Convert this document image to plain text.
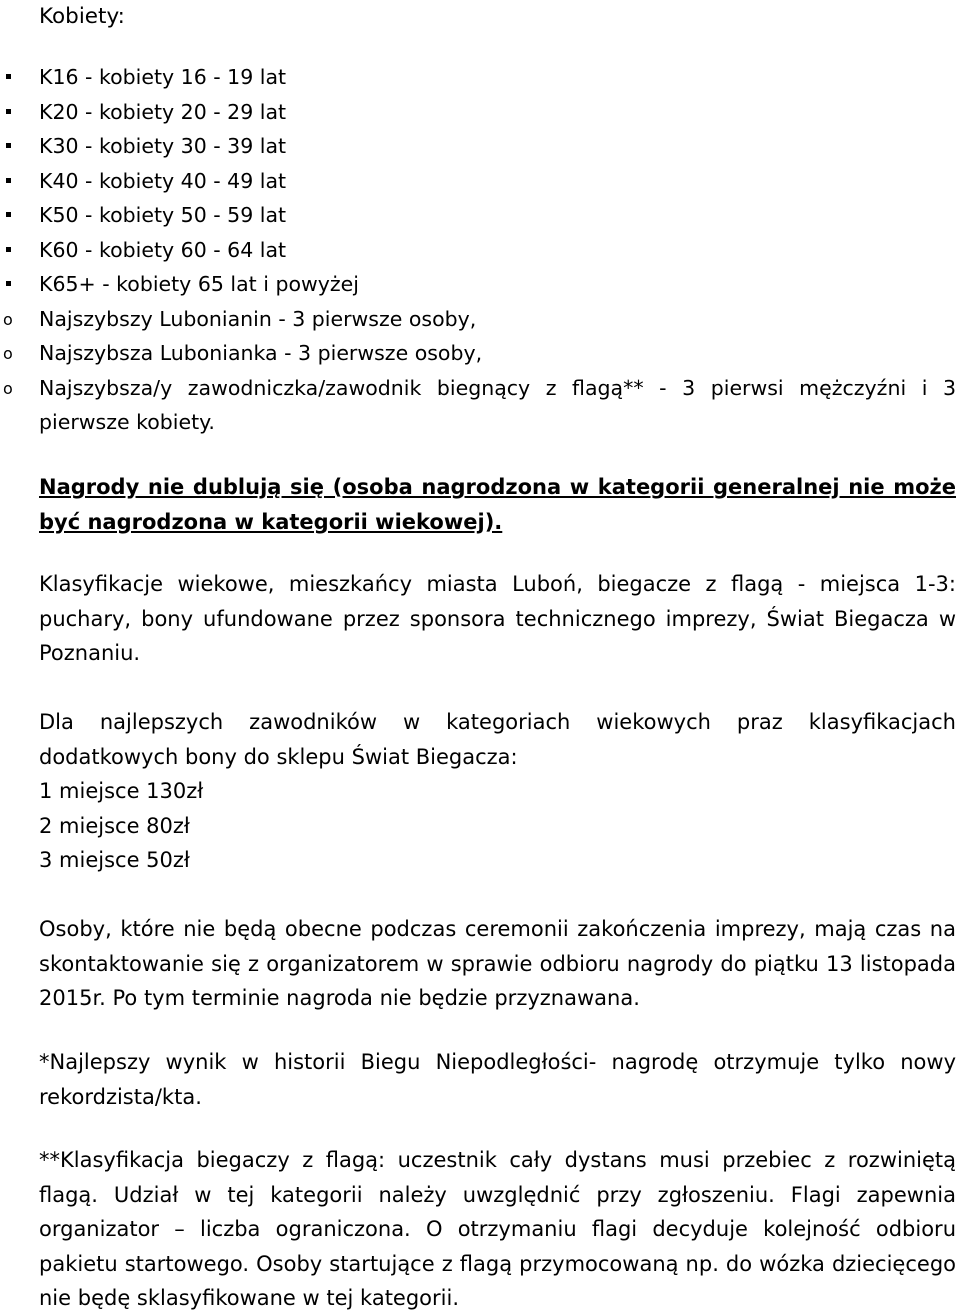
Kobiety:
K16 - kobiety 16 - 19 lat
K20 - kobiety 20 - 29 lat
K30 - kobiety 30 - 39 lat
K40 - kobiety 40 - 49 lat
K50 - kobiety 50 - 59 lat
K60 - kobiety 60 - 64 lat
K65+ - kobiety 65 lat i powyżej
o Najszybszy Lubonianin - 3 pierwsze osoby,
o Najszybsza Lubonianka - 3 pierwsze osoby,
o Najszybsza/y zawodniczka/zawodnik biegnący z flagą** - 3 pierwsi mężczyźni i 3 pierwsze kobiety.
Nagrody nie dublują się (osoba nagrodzona w kategorii generalnej nie może być nagrodzona w kategorii wiekowej).
Klasyfikacje wiekowe, mieszkańcy miasta Luboń, biegacze z flagą - miejsca 1-3: puchary, bony ufundowane przez sponsora technicznego imprezy, Świat Biegacza w Poznaniu.
Dla najlepszych zawodników w kategoriach wiekowych praz klasyfikacjach dodatkowych bony do sklepu Świat Biegacza:
1 miejsce 130zł
2 miejsce 80zł
3 miejsce 50zł
Osoby, które nie będą obecne podczas ceremonii zakończenia imprezy, mają czas na skontaktowanie się z organizatorem w sprawie odbioru nagrody do piątku 13 listopada 2015r. Po tym terminie nagroda nie będzie przyznawana.
*Najlepszy wynik w historii Biegu Niepodległości- nagrodę otrzymuje tylko nowy rekordzista/kta.
**Klasyfikacja biegaczy z flagą: uczestnik cały dystans musi przebiec z rozwiniętą flagą. Udział w tej kategorii należy uwzględnić przy zgłoszeniu. Flagi zapewnia organizator – liczba ograniczona. O otrzymaniu flagi decyduje kolejność odbioru pakietu startowego. Osoby startujące z flagą przymocowaną np. do wózka dziecięcego nie będę sklasyfikowane w tej kategorii.
